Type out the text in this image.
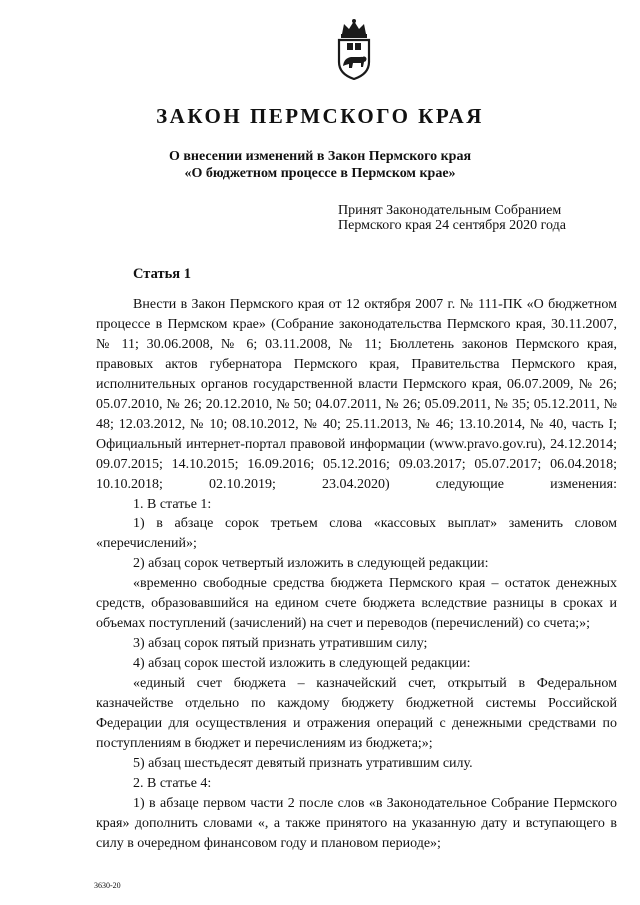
ЗАКОН ПЕРМСКОГО КРАЯ
О внесении изменений в Закон Пермского края
«О бюджетном процессе в Пермском крае»
Принят Законодательным Собранием
Пермского края 24 сентября 2020 года
Статья 1

Внести в Закон Пермского края от 12 октября 2007 г. № 111-ПК «О бюджетном процессе в Пермском крае» (Собрание законодательства Пермского края, 30.11.2007, № 11; 30.06.2008, № 6; 03.11.2008, № 11; Бюллетень законов Пермского края, правовых актов губернатора Пермского края, Правительства Пермского края, исполнительных органов государственной власти Пермского края, 06.07.2009, № 26; 05.07.2010, № 26; 20.12.2010, № 50; 04.07.2011, № 26; 05.09.2011, № 35; 05.12.2011, № 48; 12.03.2012, № 10; 08.10.2012, № 40; 25.11.2013, № 46; 13.10.2014, № 40, часть I; Официальный интернет-портал правовой информации (www.pravo.gov.ru), 24.12.2014; 09.07.2015; 14.10.2015; 16.09.2016; 05.12.2016; 09.03.2017; 05.07.2017; 06.04.2018; 10.10.2018; 02.10.2019; 23.04.2020) следующие изменения:

1. В статье 1:

1) в абзаце сорок третьем слова «кассовых выплат» заменить словом «перечислений»;

2) абзац сорок четвертый изложить в следующей редакции:

«временно свободные средства бюджета Пермского края – остаток денежных средств, образовавшийся на едином счете бюджета вследствие разницы в сроках и объемах поступлений (зачислений) на счет и переводов (перечислений) со счета;»;

3) абзац сорок пятый признать утратившим силу;

4) абзац сорок шестой изложить в следующей редакции:

«единый счет бюджета – казначейский счет, открытый в Федеральном казначействе отдельно по каждому бюджету бюджетной системы Российской Федерации для осуществления и отражения операций с денежными средствами по поступлениям в бюджет и перечислениям из бюджета;»;

5) абзац шестьдесят девятый признать утратившим силу.

2. В статье 4:

1) в абзаце первом части 2 после слов «в Законодательное Собрание Пермского края» дополнить словами «, а также принятого на указанную дату и вступающего в силу в очередном финансовом году и плановом периоде»;

3630-20
